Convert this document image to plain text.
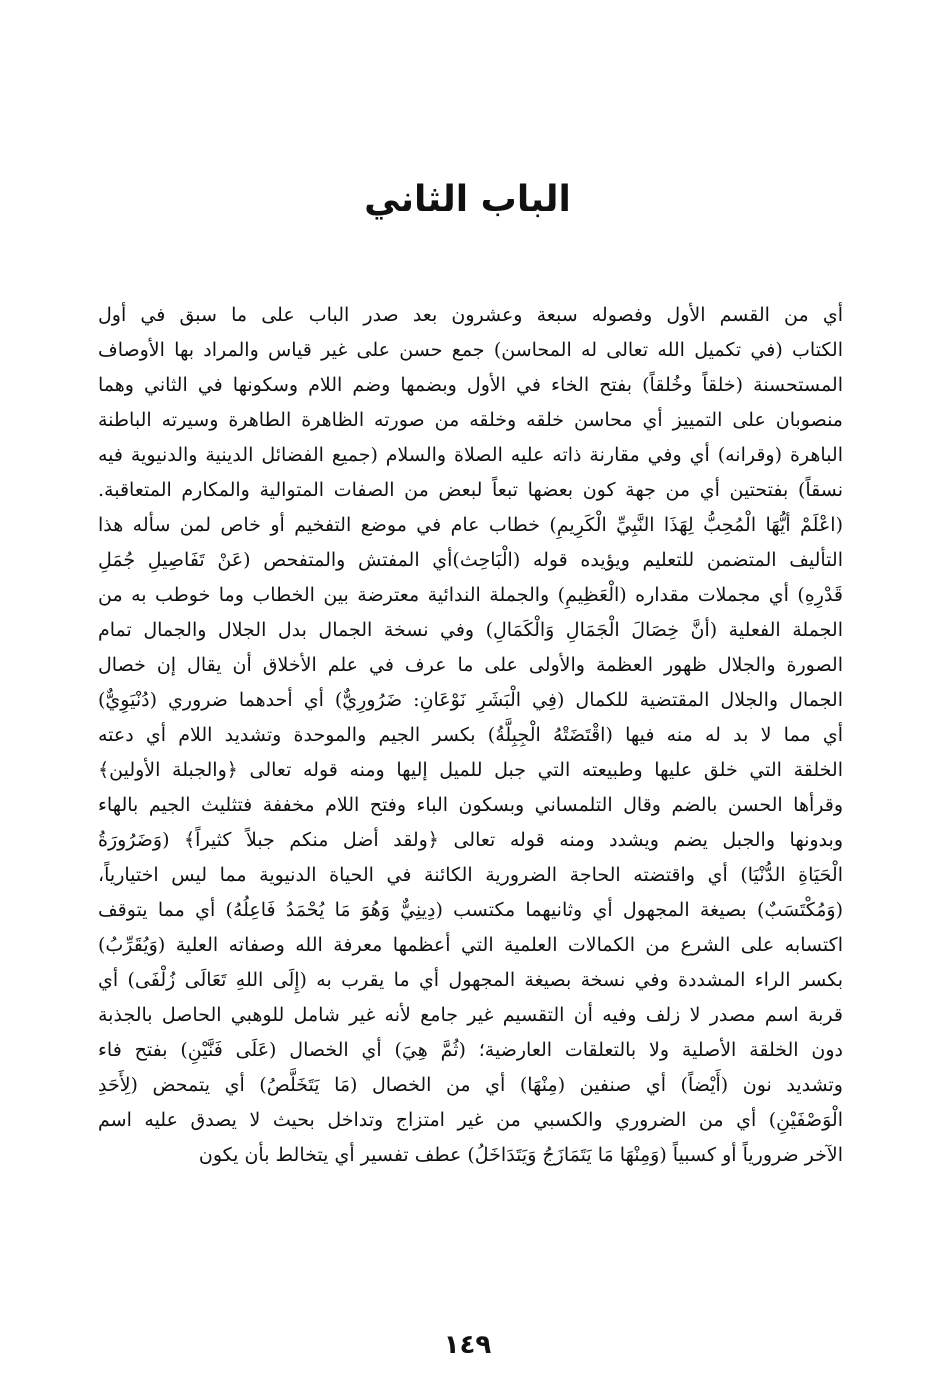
الباب الثاني
أي من القسم الأول وفصوله سبعة وعشرون بعد صدر الباب على ما سبق في أول
الكتاب (في تكميل الله تعالى له المحاسن) جمع حسن على غير قياس والمراد بها الأوصاف
المستحسنة (خلقاً وخُلقاً) بفتح الخاء في الأول وبضمها وضم اللام وسكونها في الثاني وهما
منصوبان على التمييز أي محاسن خلقه وخلقه من صورته الظاهرة الطاهرة وسيرته الباطنة
الباهرة (وقرانه) أي وفي مقارنة ذاته عليه الصلاة والسلام (جميع الفضائل الدينية والدنيوية فيه
نسقاً) بفتحتين أي من جهة كون بعضها تبعاً لبعض من الصفات المتوالية والمكارم المتعاقبة.
(اعْلَمْ أيُّهَا الْمُحِبُّ لِهَذَا النَّبِيِّ الْكَرِيمِ) خطاب عام في موضع التفخيم أو خاص لمن سأله هذا
التأليف المتضمن للتعليم ويؤيده قوله (الْبَاحِث)أي المفتش والمتفحص (عَنْ تَفَاصِيلِ جُمَلِ
قَدْرِهِ) أي مجملات مقداره (الْعَظِيمِ) والجملة الندائية معترضة بين الخطاب وما خوطب به من
الجملة الفعلية (أنَّ خِصَالَ الْجَمَالِ وَالْكَمَالِ) وفي نسخة الجمال بدل الجلال والجمال تمام
الصورة والجلال ظهور العظمة والأولى على ما عرف في علم الأخلاق أن يقال إن خصال
الجمال والجلال المقتضية للكمال (فِي الْبَشَرِ نَوْعَانِ: ضَرُورِيٌّ) أي أحدهما ضروري (دُنْيَوِيٌّ)
أي مما لا بد له منه فيها (اقْتَضَتْهُ الْجِبِلَّةُ) بكسر الجيم والموحدة وتشديد اللام أي دعته
الخلقة التي خلق عليها وطبيعته التي جبل للميل إليها ومنه قوله تعالى ﴿والجبلة الأولين﴾
وقرأها الحسن بالضم وقال التلمساني وبسكون الباء وفتح اللام مخففة فتثليث الجيم بالهاء
وبدونها والجبل يضم ويشدد ومنه قوله تعالى ﴿ولقد أضل منكم جبلاً كثيراً﴾ (وَضَرُورَةُ
الْحَيَاةِ الدُّنْيَا) أي واقتضته الحاجة الضرورية الكائنة في الحياة الدنيوية مما ليس اختيارياً،
(وَمُكْتَسَبٌ) بصيغة المجهول أي وثانيهما مكتسب (دِينِيٌّ وَهُوَ مَا يُحْمَدُ فَاعِلُهُ) أي مما يتوقف
اكتسابه على الشرع من الكمالات العلمية التي أعظمها معرفة الله وصفاته العلية (وَيُقَرِّبُ)
بكسر الراء المشددة وفي نسخة بصيغة المجهول أي ما يقرب به (إِلَى اللهِ تَعَالَى زُلْفَى) أي
قربة اسم مصدر لا زلف وفيه أن التقسيم غير جامع لأنه غير شامل للوهبي الحاصل بالجذبة
دون الخلقة الأصلية ولا بالتعلقات العارضية؛ (ثُمَّ هِيَ) أي الخصال (عَلَى فَنَّيْنِ) بفتح فاء
وتشديد نون (أَيْضاً) أي صنفين (مِنْهَا) أي من الخصال (مَا يَتَخَلَّصُ) أي يتمحض (لِأَحَدِ
الْوَصْفَيْنِ) أي من الضروري والكسبي من غير امتزاج وتداخل بحيث لا يصدق عليه اسم
الآخر ضرورياً أو كسبياً (وَمِنْهَا مَا يَتَمَازَجُ وَيَتَدَاخَلُ) عطف تفسير أي يتخالط بأن يكون
١٤٩
